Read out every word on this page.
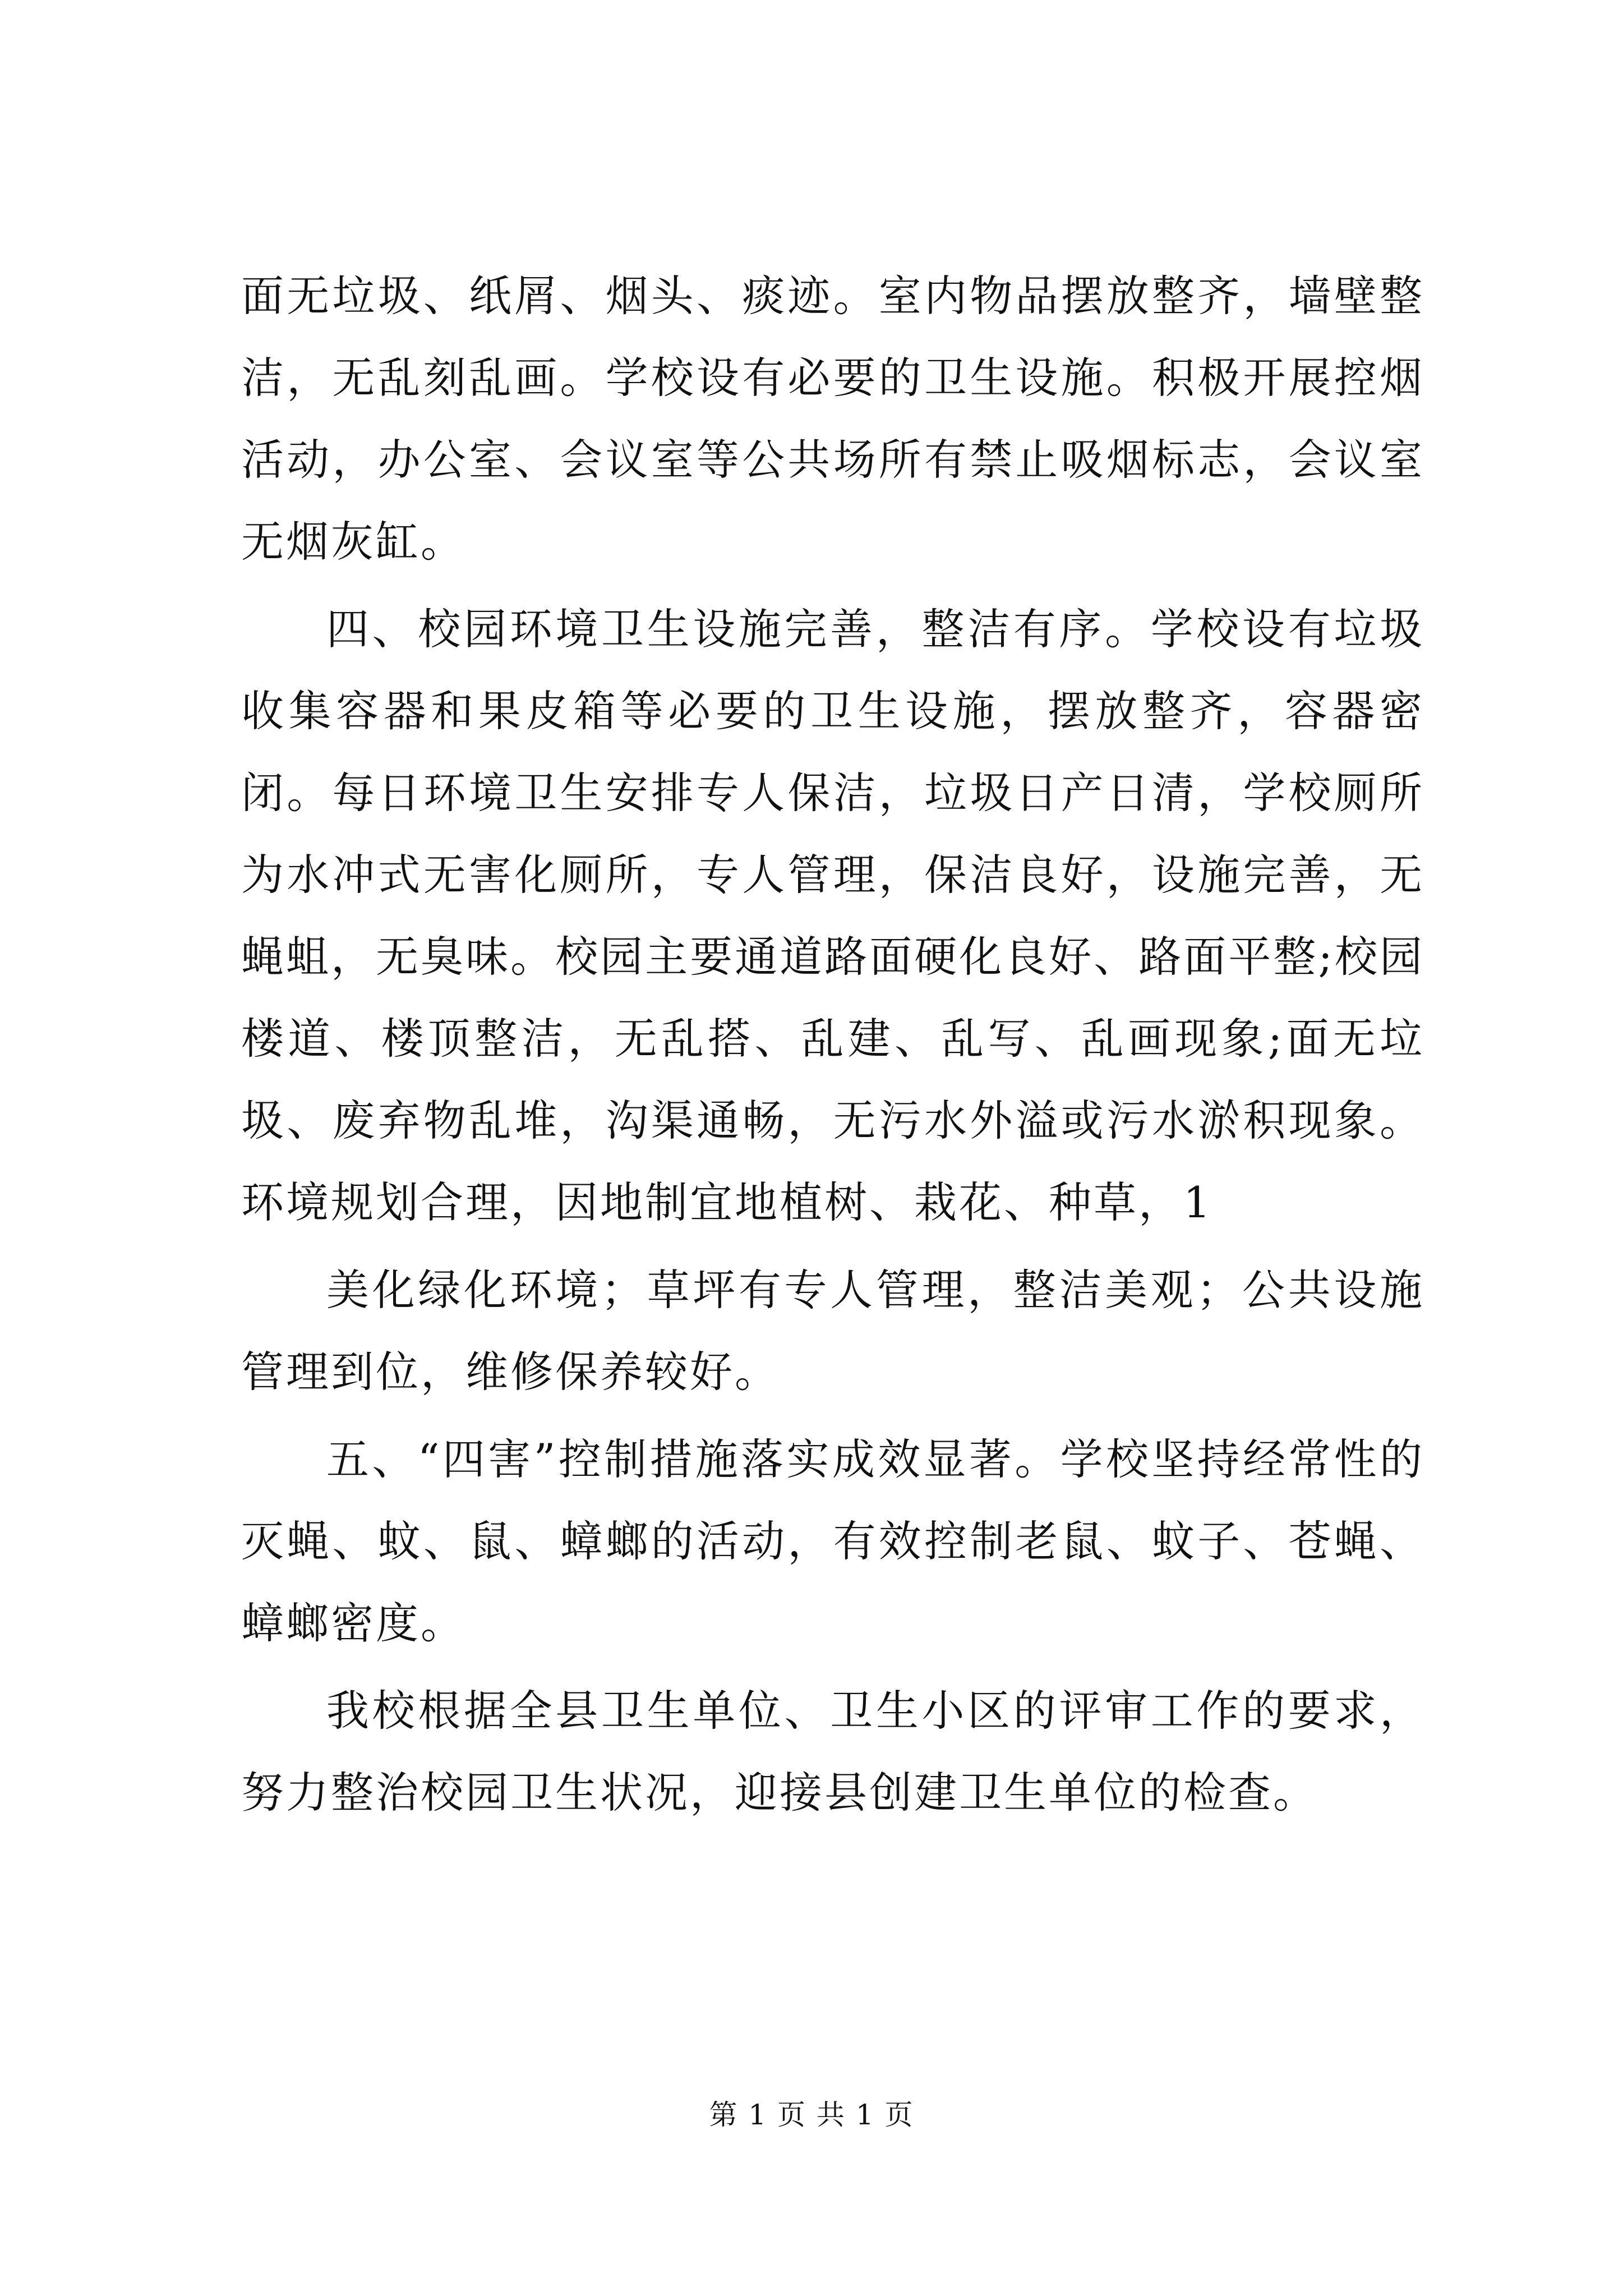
面无垃圾、纸屑、烟头、痰迹。室内物品摆放整齐，墙壁整洁，无乱刻乱画。学校设有必要的卫生设施。积极开展控烟活动，办公室、会议室等公共场所有禁止吸烟标志，会议室无烟灰缸。

四、校园环境卫生设施完善，整洁有序。学校设有垃圾收集容器和果皮箱等必要的卫生设施，摆放整齐，容器密闭。每日环境卫生安排专人保洁，垃圾日产日清，学校厕所为水冲式无害化厕所，专人管理，保洁良好，设施完善，无蝇蛆，无臭味。校园主要通道路面硬化良好、路面平整;校园楼道、楼顶整洁，无乱搭、乱建、乱写、乱画现象;面无垃圾、废弃物乱堆，沟渠通畅，无污水外溢或污水淤积现象。环境规划合理，因地制宜地植树、栽花、种草，1

美化绿化环境；草坪有专人管理，整洁美观；公共设施管理到位，维修保养较好。

五、“四害”控制措施落实成效显著。学校坚持经常性的灭蝇、蚊、鼠、蟑螂的活动，有效控制老鼠、蚊子、苍蝇、蟑螂密度。

我校根据全县卫生单位、卫生小区的评审工作的要求，努力整治校园卫生状况，迎接县创建卫生单位的检查。

第 1 页 共 1 页
